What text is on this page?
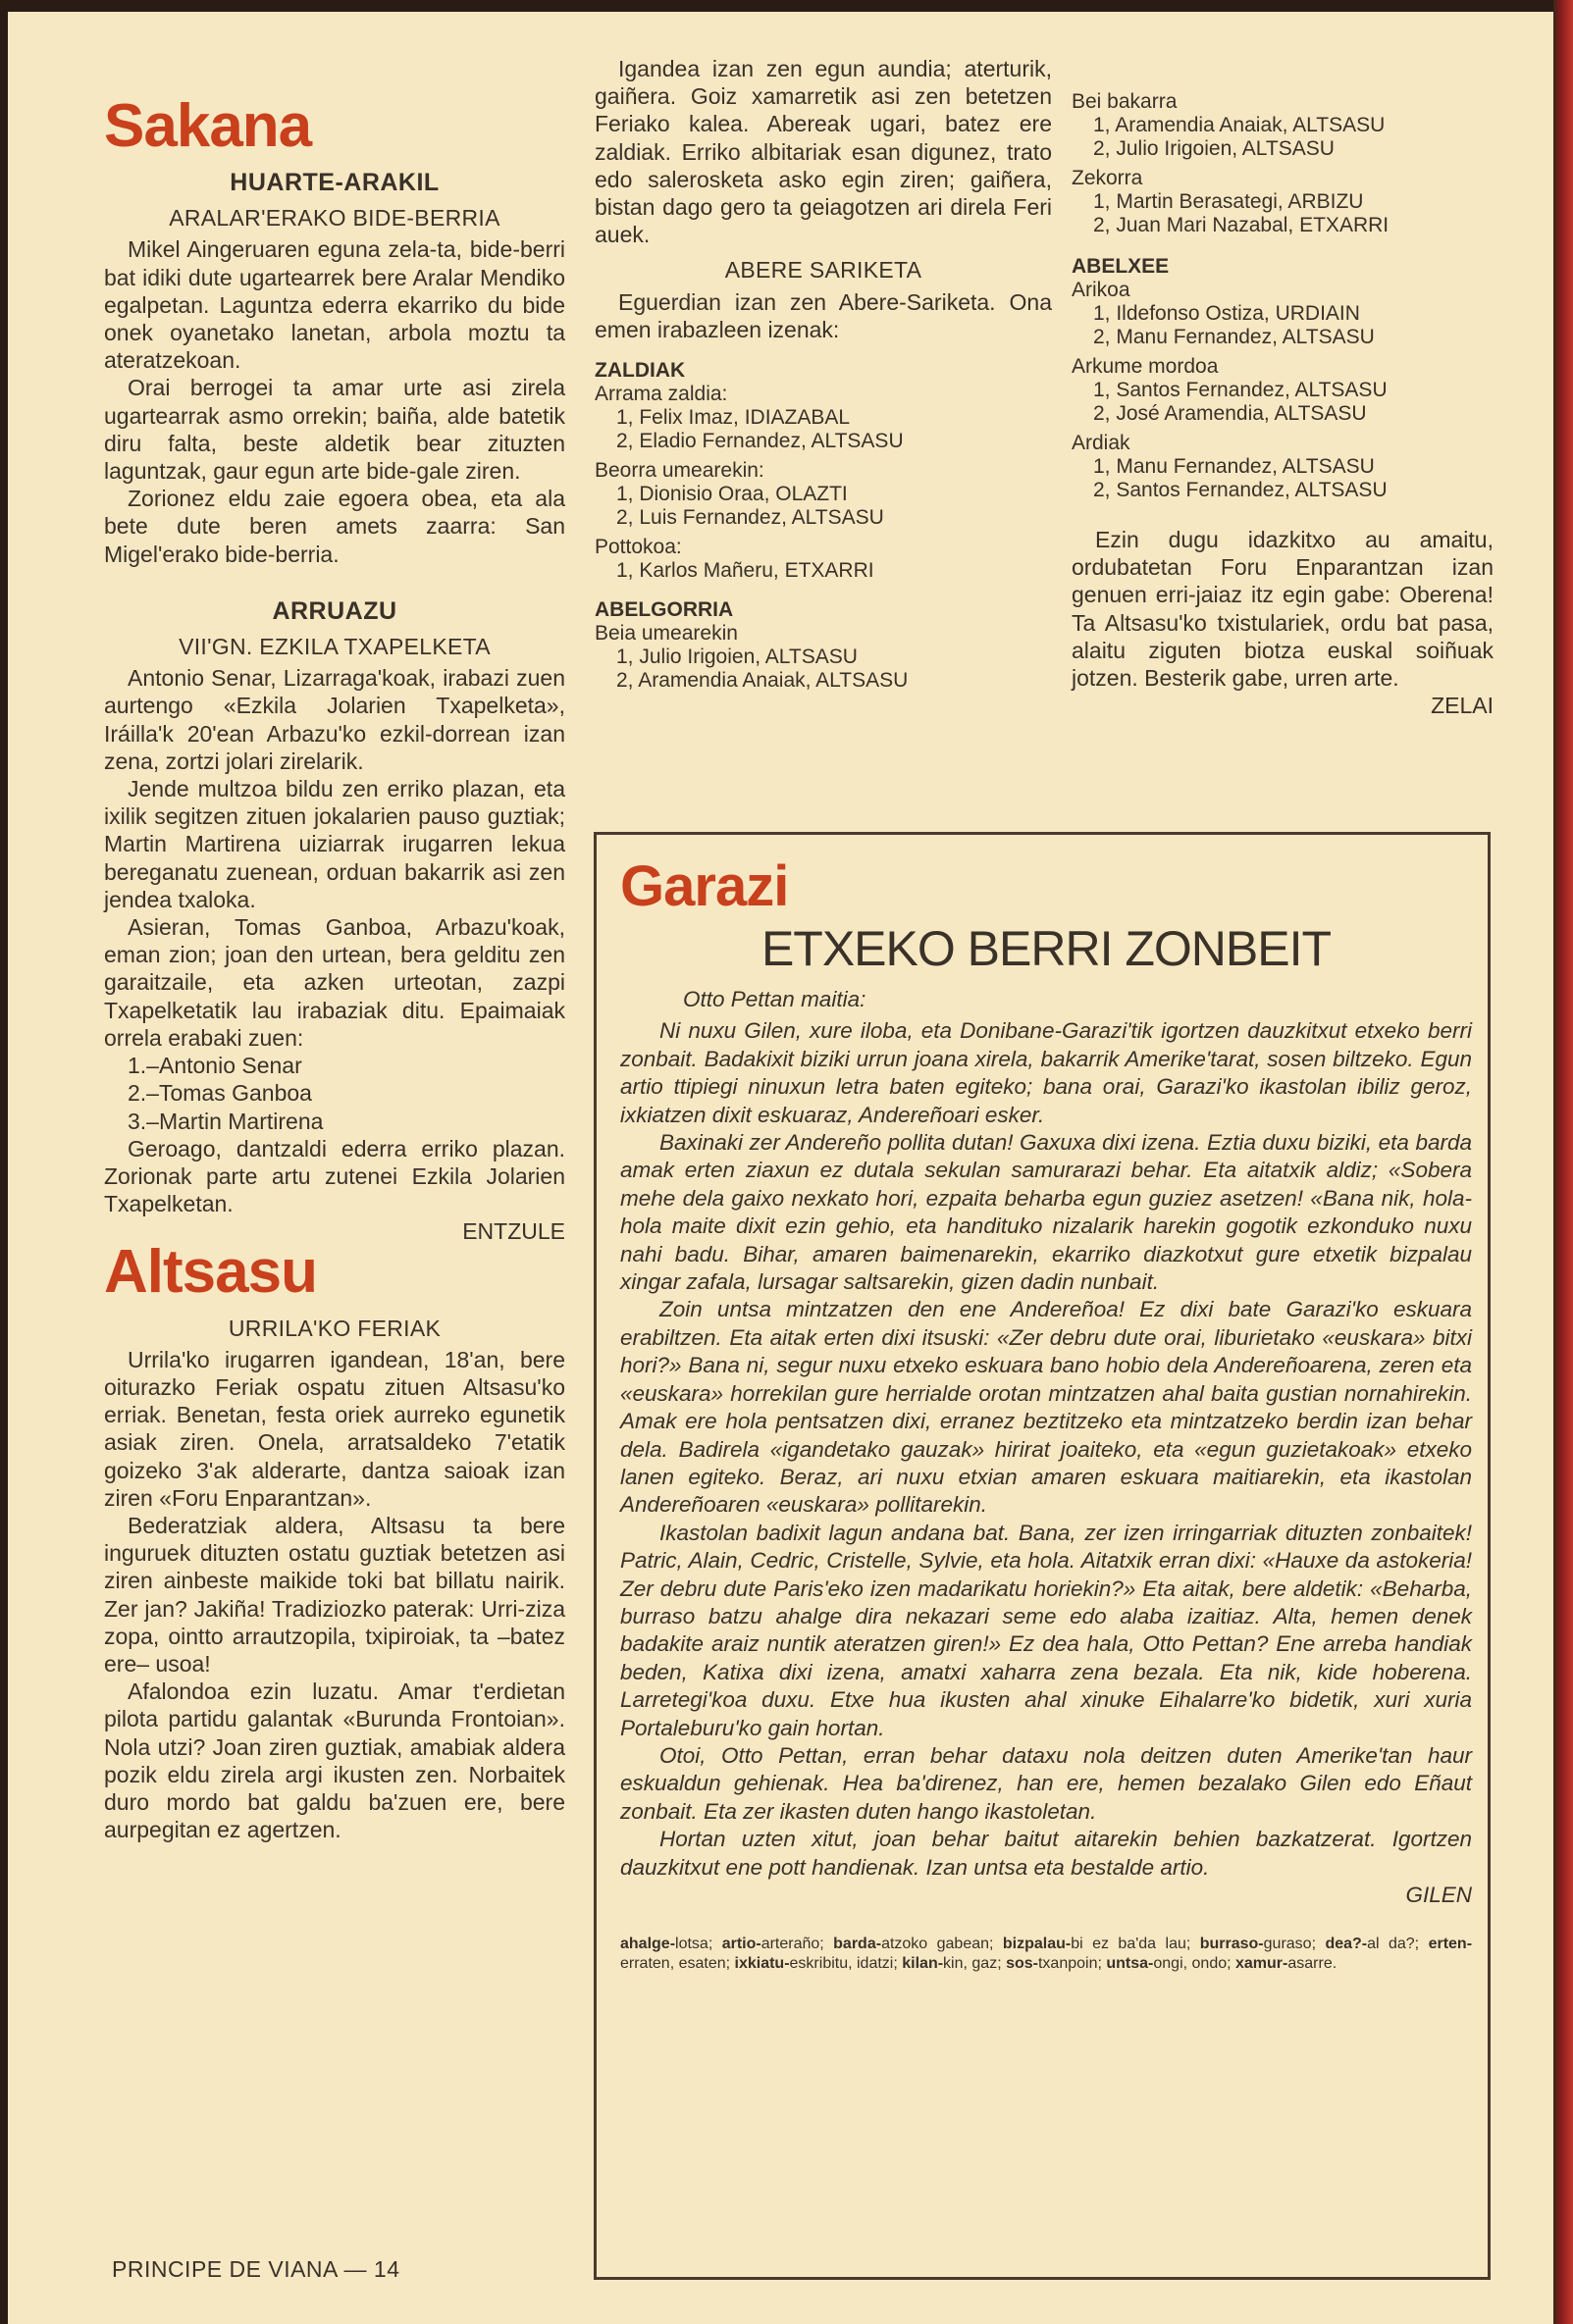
Sakana
HUARTE-ARAKIL
ARALAR'ERAKO BIDE-BERRIA

Mikel Aingeruaren eguna zela-ta, bide-berri bat idiki dute ugartearrek bere Aralar Mendiko egalpetan. Laguntza ederra ekarriko du bide onek oyanetako lanetan, arbola moztu ta ateratzekoan.

Orai berrogei ta amar urte asi zirela ugartearrak asmo orrekin; baiña, alde batetik diru falta, beste aldetik bear zituzten laguntzak, gaur egun arte bide-gale ziren.

Zorionez eldu zaie egoera obea, eta ala bete dute beren amets zaarra: San Migel'erako bide-berria.

ARRUAZU
VII'GN. EZKILA TXAPELKETA

Antonio Senar, Lizarraga'koak, irabazi zuen aurtengo «Ezkila Jolarien Txapelketa», Iráilla'k 20'ean Arbazu'ko ezkil-dorrean izan zena, zortzi jolari zirelarik.

Jende multzoa bildu zen erriko plazan, eta ixilik segitzen zituen jokalarien pauso guztiak; Martin Martirena uiziarrak irugarren lekua bereganatu zuenean, orduan bakarrik asi zen jendea txaloka.

Asieran, Tomas Ganboa, Arbazu'koak, eman zion; joan den urtean, bera gelditu zen garaitzaile, eta azken urteotan, zazpi Txapelketatik lau irabaziak ditu. Epaimaiak orrela erabaki zuen:

1.–Antonio Senar
2.–Tomas Ganboa
3.–Martin Martirena

Geroago, dantzaldi ederra erriko plazan. Zorionak parte artu zutenei Ezkila Jolarien Txapelketan.

ENTZULE
Altsasu
URRILA'KO FERIAK

Urrila'ko irugarren igandean, 18'an, bere oiturazko Feriak ospatu zituen Altsasu'ko erriak. Benetan, festa oriek aurreko egunetik asiak ziren. Onela, arratsaldeko 7'etatik goizeko 3'ak alderarte, dantza saioak izan ziren «Foru Enparantzan».

Bederatziak aldera, Altsasu ta bere inguruek dituzten ostatu guztiak betetzen asi ziren ainbeste maikide toki bat billatu nairik. Zer jan? Jakiña! Tradiziozko paterak: Urri-ziza zopa, ointto arrautzopila, txipiroiak, ta –batez ere– usoa!

Afalondoa ezin luzatu. Amar t'erdietan pilota partidu galantak «Burunda Frontoian». Nola utzi? Joan ziren guztiak, amabiak aldera pozik eldu zirela argi ikusten zen. Norbaitek duro mordo bat galdu ba'zuen ere, bere aurpegitan ez agertzen.

Igandea izan zen egun aundia; aterturik, gaiñera. Goiz xamarretik asi zen betetzen Feriako kalea. Abereak ugari, batez ere zaldiak. Erriko albitariak esan digunez, trato edo salerosketa asko egin ziren; gaiñera, bistan dago gero ta geiagotzen ari direla Feri auek.

ABERE SARIKETA

Eguerdian izan zen Abere-Sariketa. Ona emen irabazleen izenak:

ZALDIAK
Arrama zaldia:
1, Felix Imaz, IDIAZABAL
2, Eladio Fernandez, ALTSASU
Beorra umearekin:
1, Dionisio Oraa, OLAZTI
2, Luis Fernandez, ALTSASU
Pottokoa:
1, Karlos Mañeru, ETXARRI
ABELGORRIA
Beia umearekin
1, Julio Irigoien, ALTSASU
2, Aramendia Anaiak, ALTSASU
Bei bakarra
1, Aramendia Anaiak, ALTSASU
2, Julio Irigoien, ALTSASU
Zekorra
1, Martin Berasategi, ARBIZU
2, Juan Mari Nazabal, ETXARRI
ABELXEE
Arikoa
1, Ildefonso Ostiza, URDIAIN
2, Manu Fernandez, ALTSASU
Arkume mordoa
1, Santos Fernandez, ALTSASU
2, José Aramendia, ALTSASU
Ardiak
1, Manu Fernandez, ALTSASU
2, Santos Fernandez, ALTSASU

Ezin dugu idazkitxo au amaitu, ordubatetan Foru Enparantzan izan genuen erri-jaiaz itz egin gabe: Oberena! Ta Altsasu'ko txistulariek, ordu bat pasa, alaitu ziguten biotza euskal soiñuak jotzen. Besterik gabe, urren arte.

ZELAI
Garazi
ETXEKO BERRI ZONBEIT
Otto Pettan maitia:

Ni nuxu Gilen, xure iloba, eta Donibane-Garazi'tik igortzen dauzkitxut etxeko berri zonbait. Badakixit biziki urrun joana xirela, bakarrik Amerike'tarat, sosen biltzeko. Egun artio ttipiegi ninuxun letra baten egiteko; bana orai, Garazi'ko ikastolan ibiliz geroz, ixkiatzen dixit eskuaraz, Andereñoari esker.

Baxinaki zer Andereño pollita dutan! Gaxuxa dixi izena. Eztia duxu biziki, eta barda amak erten ziaxun ez dutala sekulan samurarazi behar. Eta aitatxik aldiz; «Sobera mehe dela gaixo nexkato hori, ezpaita beharba egun guziez asetzen! «Bana nik, hola-hola maite dixit ezin gehio, eta handituko nizalarik harekin gogotik ezkonduko nuxu nahi badu. Bihar, amaren baimenarekin, ekarriko diazkotxut gure etxetik bizpalau xingar zafala, lursagar saltsarekin, gizen dadin nunbait.

Zoin untsa mintzatzen den ene Andereñoa! Ez dixi bate Garazi'ko eskuara erabiltzen. Eta aitak erten dixi itsuski: «Zer debru dute orai, liburietako «euskara» bitxi hori?» Bana ni, segur nuxu etxeko eskuara bano hobio dela Andereñoarena, zeren eta «euskara» horrekilan gure herrialde orotan mintzatzen ahal baita gustian nornahirekin. Amak ere hola pentsatzen dixi, erranez beztitzeko eta mintzatzeko berdin izan behar dela. Badirela «igandetako gauzak» hirirat joaiteko, eta «egun guzietakoak» etxeko lanen egiteko. Beraz, ari nuxu etxian amaren eskuara maitiarekin, eta ikastolan Andereñoaren «euskara» pollitarekin.

Ikastolan badixit lagun andana bat. Bana, zer izen irringarriak dituzten zonbaitek! Patric, Alain, Cedric, Cristelle, Sylvie, eta hola. Aitatxik erran dixi: «Hauxe da astokeria! Zer debru dute Paris'eko izen madarikatu horiekin?» Eta aitak, bere aldetik: «Beharba, burraso batzu ahalge dira nekazari seme edo alaba izaitiaz. Alta, hemen denek badakite araiz nuntik ateratzen giren!» Ez dea hala, Otto Pettan? Ene arreba handiak beden, Katixa dixi izena, amatxi xaharra zena bezala. Eta nik, kide hoberena. Larretegi'koa duxu. Etxe hua ikusten ahal xinuke Eihalarre'ko bidetik, xuri xuria Portaleburu'ko gain hortan.

Otoi, Otto Pettan, erran behar dataxu nola deitzen duten Amerike'tan haur eskualdun gehienak. Hea ba'direnez, han ere, hemen bezalako Gilen edo Eñaut zonbait. Eta zer ikasten duten hango ikastoletan.

Hortan uzten xitut, joan behar baitut aitarekin behien bazkatzerat. Igortzen dauzkitxut ene pott handienak. Izan untsa eta bestalde artio.

GILEN
ahalge-lotsa; artio-arteraño; barda-atzoko gabean; bizpalau-bi ez ba'da lau; burraso-guraso; dea?-al da?; erten-erraten, esaten; ixkiatu-eskribitu, idatzi; kilan-kin, gaz; sos-txanpoin; untsa-ongi, ondo; xamur-asarre.
PRINCIPE DE VIANA — 14
